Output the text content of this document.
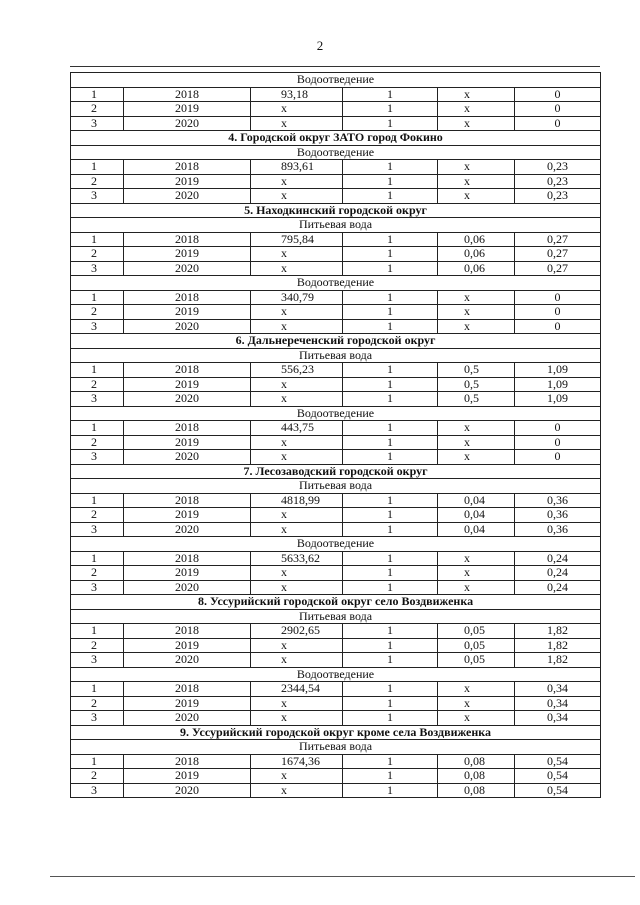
2
Водоотведение					
1	2018	93,18	1	х	0
2	2019	х	1	х	0
3	2020	х	1	х	0
4. Городской округ ЗАТО город Фокино					
Водоотведение					
1	2018	893,61	1	х	0,23
2	2019	х	1	х	0,23
3	2020	х	1	х	0,23
5. Находкинский городской округ					
Питьевая вода					
1	2018	795,84	1	0,06	0,27
2	2019	х	1	0,06	0,27
3	2020	х	1	0,06	0,27
Водоотведение					
1	2018	340,79	1	х	0
2	2019	х	1	х	0
3	2020	х	1	х	0
6. Дальнереченский городской округ					
Питьевая вода					
1	2018	556,23	1	0,5	1,09
2	2019	х	1	0,5	1,09
3	2020	х	1	0,5	1,09
Водоотведение					
1	2018	443,75	1	х	0
2	2019	х	1	х	0
3	2020	х	1	х	0
7. Лесозаводский городской округ					
Питьевая вода					
1	2018	4818,99	1	0,04	0,36
2	2019	х	1	0,04	0,36
3	2020	х	1	0,04	0,36
Водоотведение					
1	2018	5633,62	1	х	0,24
2	2019	х	1	х	0,24
3	2020	х	1	х	0,24
8. Уссурийский городской округ село Воздвиженка					
Питьевая вода					
1	2018	2902,65	1	0,05	1,82
2	2019	х	1	0,05	1,82
3	2020	х	1	0,05	1,82
Водоотведение					
1	2018	2344,54	1	х	0,34
2	2019	х	1	х	0,34
3	2020	х	1	х	0,34
9. Уссурийский городской округ кроме села Воздвиженка					
Питьевая вода					
1	2018	1674,36	1	0,08	0,54
2	2019	х	1	0,08	0,54
3	2020	х	1	0,08	0,54
